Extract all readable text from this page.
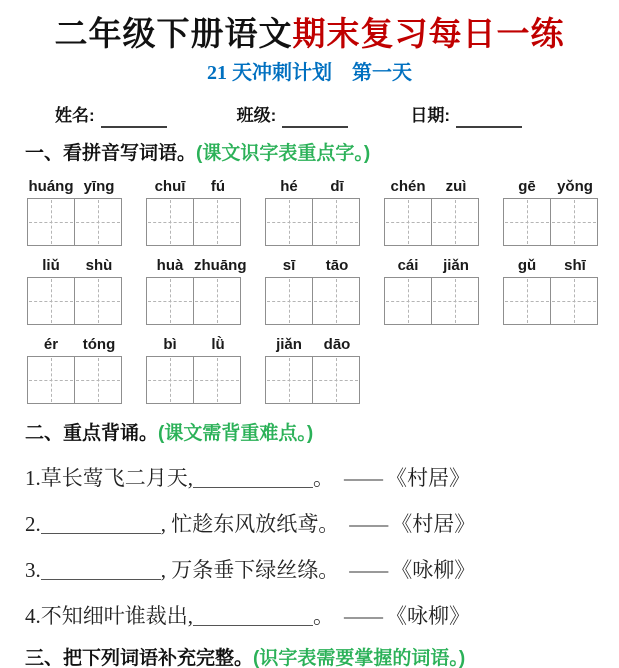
二年级下册语文期末复习每日一练
21 天冲刺计划　第一天
姓名:	班级:	日期:
一、看拼音写词语。(课文识字表重点字。)
huáng yīng	chuī	fú	hé	dī	chén	zuì	gē	yǒng
liǔ	shù	huà zhuāng	sī	tāo	cái	jiǎn	gǔ	shī
ér	tóng	bì	lǜ	jiǎn	dāo
二、重点背诵。(课文需背重难点。)
1.草长莺飞二月天,	。 —— 《村居》
2.	, 忙趁东风放纸鸢。 —— 《村居》
3.	, 万条垂下绿丝绦。 —— 《咏柳》
4.不知细叶谁裁出,	。 —— 《咏柳》
三、把下列词语补充完整。(识字表需要掌握的词语。)
